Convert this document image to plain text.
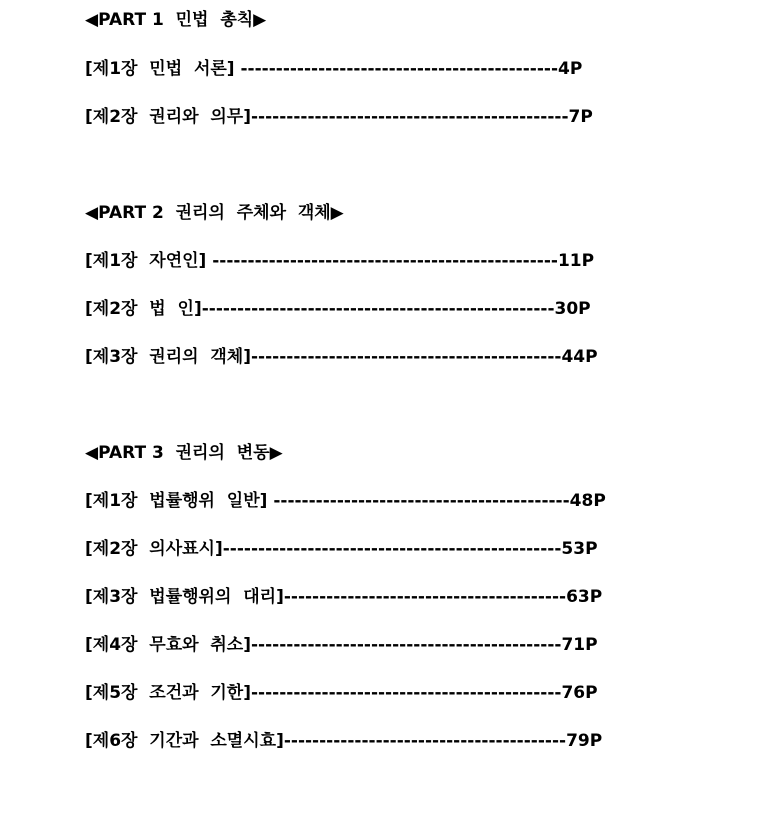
◀PART 1  민법  총칙▶
[제1장  민법  서론] ---------------------------------------------4P
[제2장  권리와  의무]---------------------------------------------7P
◀PART 2  권리의  주체와  객체▶
[제1장  자연인] -------------------------------------------------11P
[제2장  법  인]--------------------------------------------------30P
[제3장  권리의  객체]--------------------------------------------44P
◀PART 3  권리의  변동▶
[제1장  법률행위  일반] ------------------------------------------48P
[제2장  의사표시]------------------------------------------------53P
[제3장  법률행위의  대리]----------------------------------------63P
[제4장  무효와  취소]--------------------------------------------71P
[제5장  조건과  기한]--------------------------------------------76P
[제6장  기간과  소멸시효]----------------------------------------79P
